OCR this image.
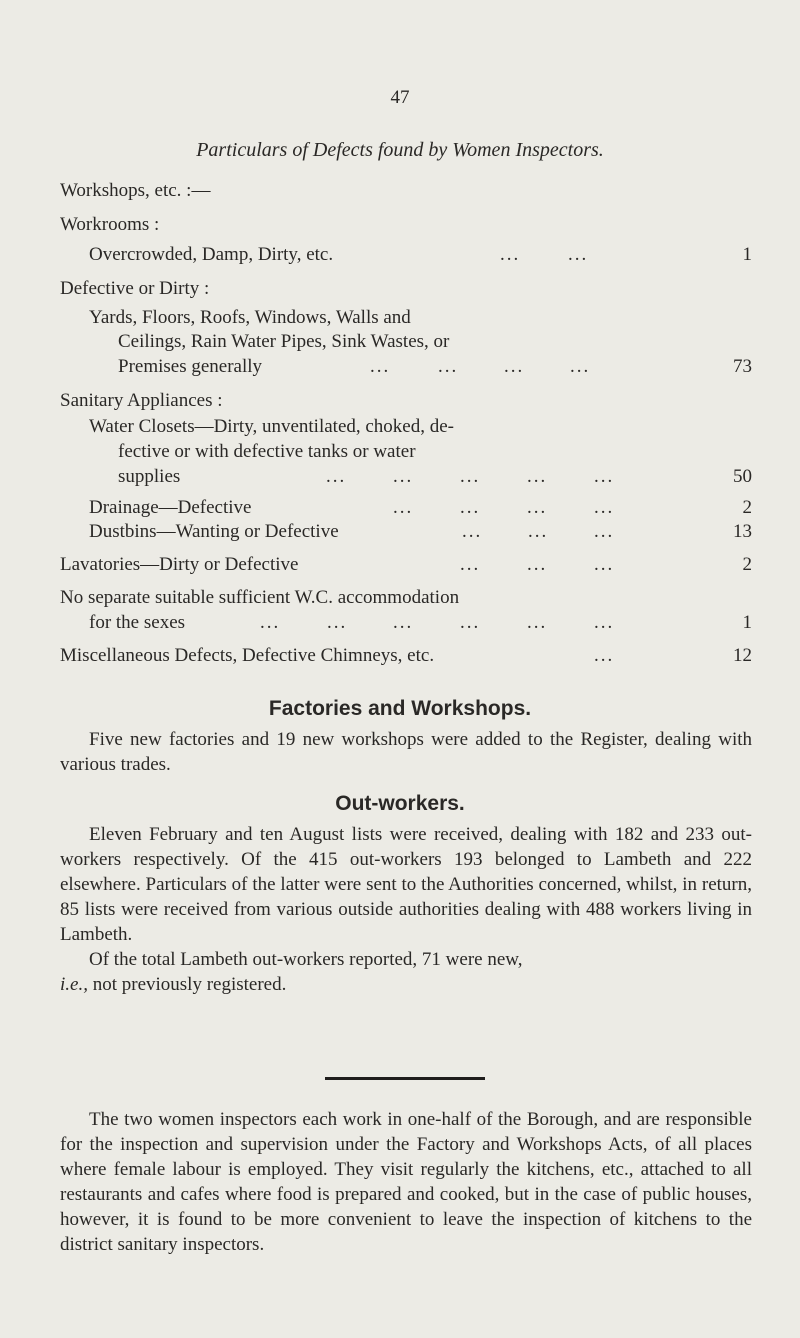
47
Particulars of Defects found by Women Inspectors.
Workshops, etc. :—
Workrooms :
Overcrowded, Damp, Dirty, etc.	...	...	1
Defective or Dirty :
Yards, Floors, Roofs, Windows, Walls and
Ceilings, Rain Water Pipes, Sink Wastes, or
Premises generally	...	... ... ...	73
Sanitary Appliances :
Water Closets—Dirty, unventilated, choked, de-
fective or with defective tanks or water
supplies	... ... ... ... ...	50
Drainage—Defective	... ... ... ...	2
Dustbins—Wanting or Defective	... ... ...	13
Lavatories—Dirty or Defective	... ... ...	2
No separate suitable sufficient W.C. accommodation
for the sexes	... ... ... ... ... ...	1
Miscellaneous Defects, Defective Chimneys, etc.	...	12
Factories and Workshops.
Five new factories and 19 new workshops were added to the Register, dealing with various trades.
Out-workers.
Eleven February and ten August lists were received, dealing with 182 and 233 out-workers respectively. Of the 415 out-workers 193 belonged to Lambeth and 222 elsewhere. Particulars of the latter were sent to the Authorities concerned, whilst, in return, 85 lists were received from various outside authorities dealing with 488 workers living in Lambeth.
Of the total Lambeth out-workers reported, 71 were new,
i.e., not previously registered.
The two women inspectors each work in one-half of the Borough, and are responsible for the inspection and supervision under the Factory and Workshops Acts, of all places where female labour is employed. They visit regularly the kitchens, etc., attached to all restaurants and cafes where food is prepared and cooked, but in the case of public houses, however, it is found to be more convenient to leave the inspection of kitchens to the district sanitary inspectors.
